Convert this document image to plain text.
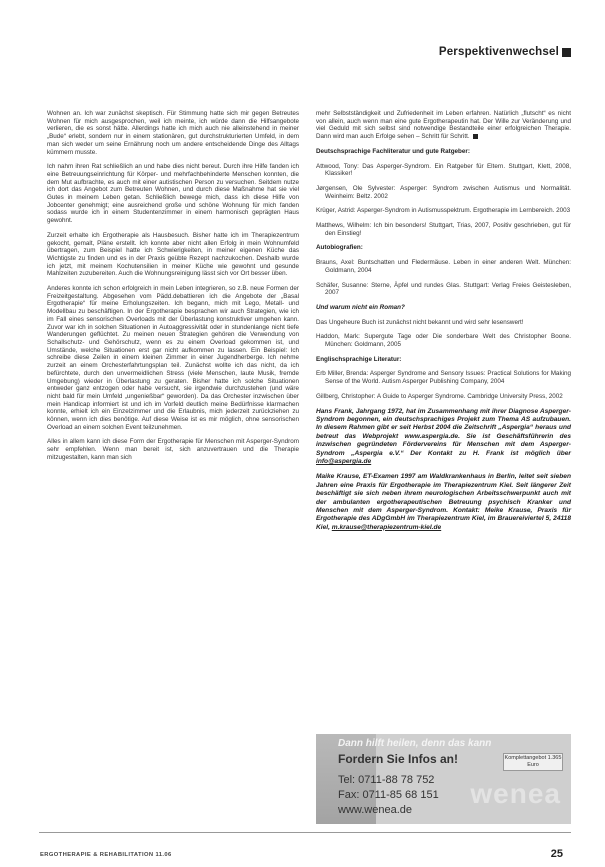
Perspektivenwechsel

Wohnen an. Ich war zunächst skeptisch. Für Stimmung hatte sich mir gegen Betreutes Wohnen für mich ausgesprochen, weil ich meinte, ich würde dann die Hilfsangebote verlieren, die es sonst hätte. Allerdings hatte ich mich auch nie alleinstehend in meiner „Bude“ erlebt, sondern nur in einem stationären, gut durchstrukturierten Umfeld, in dem man sich weder um seine Ernährung noch um andere entscheidende Dinge des Alltags kümmern musste.

Ich nahm ihren Rat schließlich an und habe dies nicht bereut. Durch ihre Hilfe fanden ich eine Betreuungseinrichtung für Körper- und mehrfachbehinderte Menschen konnten, die dem Mut aufbrachte, es auch mit einer autistischen Person zu versuchen. Seitdem nutze ich dort das Angebot zum Betreuten Wohnen, und durch diese Maßnahme hat sie viel Gutes in meinem Leben getan. Schließlich bewege mich, dass ich diese Hilfe von Jobcenter genehmigt; eine ausreichend große und schöne Wohnung für mich fanden sodass wurde ich in einem Studentenzimmer in einem harmonisch geprägten Haus gewohnt.

Zurzeit erhalte ich Ergotherapie als Hausbesuch. Bisher hatte ich im Therapiezentrum gekocht, gemalt, Pläne erstellt. Ich konnte aber nicht allen Erfolg in mein Wohnumfeld übertragen, zum Beispiel hatte ich Schwierigkeiten, in meiner eigenen Küche das Wichtigste zu finden und es in der Praxis geübte Rezept nachzukochen. Deshalb wurde ich jetzt, mit meinem Kochutensilien in meiner Küche wie gewohnt und gesunde Mahlzeiten zuzubereiten. Auch die Wohnungsreinigung lässt sich vor Ort besser üben.

Anderes konnte ich schon erfolgreich in mein Leben integrieren, so z.B. neue Formen der Freizeitgestaltung. Abgesehen vom Pädd.debattieren ich die Angebote der „Basal Ergotherapie“ für meine Erholungszeiten. Ich begann, mich mit Lego, Metall- und Modellbau zu beschäftigen. In der Ergotherapie besprachen wir auch Strategien, wie ich im Fall eines sensorischen Overloads mit der Überlastung konstruktiver umgehen kann. Zuvor war ich in solchen Situationen in Autoaggressivität oder in stundenlange nicht tiefe Wanderungen geflüchtet. Zu meinen neuen Strategien gehören die Verwendung von Schallschutz- und Gehörschutz, wenn es zu einem Overload gekommen ist, und Umstände, welche Situationen erst gar nicht aufkommen zu lassen. Ein Beispiel: Ich schreibe diese Zeilen in einem kleinen Zimmer in einer Jugendherberge. Ich nehme zurzeit an einem Orchesterfahrtungsplan teil. Zunächst wollte ich das nicht, da ich befürchtete, durch den unvermeidlichen Stress (viele Menschen, laute Musik, fremde Umgebung) wieder in Überlastung zu geraten. Bisher hatte ich solche Situationen entweder ganz entzogen oder habe versucht, sie irgendwie durchzustehen (und wäre nicht bald für mein Umfeld „ungenießbar“ geworden). Da das Orchester inzwischen über mein Handicap informiert ist und ich im Vorfeld deutlich meine Bedürfnisse klarmachen konnte, erhielt ich ein Einzelzimmer und die Erlaubnis, mich jederzeit zurückziehen zu können, wenn ich dies benötige. Auf diese Weise ist es mir möglich, ohne sensorischen Overload an einem solchen Event teilzunehmen.

Alles in allem kann ich diese Form der Ergotherapie für Menschen mit Asperger-Syndrom sehr empfehlen. Wenn man bereit ist, sich anzuvertrauen und die Therapie mitzugestalten, kann man sich

mehr Selbstständigkeit und Zufriedenheit im Leben erfahren. Natürlich „flutscht“ es nicht von allein, auch wenn man eine gute Ergotherapeutin hat. Der Wille zur Veränderung und viel Geduld mit sich selbst sind notwendige Bestandteile einer erfolgreichen Therapie. Dann wird man auch Erfolge sehen – Schritt für Schritt.

Deutschsprachige Fachliteratur und gute Ratgeber:

Attwood, Tony: Das Asperger-Syndrom. Ein Ratgeber für Eltern. Stuttgart, Klett, 2008, Klassiker!

Jørgensen, Ole Sylvester: Asperger: Syndrom zwischen Autismus und Normalität. Weinheim: Beltz. 2002

Krüger, Astrid: Asperger-Syndrom in Autismusspektrum. Ergotherapie im Lernbereich. 2003

Matthews, Wilhelm: Ich bin besonders! Stuttgart, Trias, 2007, Positiv geschrieben, gut für den Einstieg!

Autobiografien:

Brauns, Axel: Buntschatten und Fledermäuse. Leben in einer anderen Welt. München: Goldmann, 2004

Schäfer, Susanne: Sterne, Äpfel und rundes Glas. Stuttgart: Verlag Freies Geistesleben, 2007

Und warum nicht ein Roman?

Das Ungeheure Buch ist zunächst nicht bekannt und wird sehr lesenswert!

Haddon, Mark: Supergute Tage oder Die sonderbare Welt des Christopher Boone. München: Goldmann, 2005

Englischsprachige Literatur:

Erb Miller, Brenda: Asperger Syndrome and Sensory Issues: Practical Solutions for Making Sense of the World. Autism Asperger Publishing Company, 2004

Gillberg, Christopher: A Guide to Asperger Syndrome. Cambridge University Press, 2002

Hans Frank, Jahrgang 1972, hat im Zusammenhang mit ihrer Diagnose Asperger-Syndrom begonnen, ein deutschsprachiges Projekt zum Thema AS aufzubauen. In diesem Rahmen gibt er seit Herbst 2004 die Zeitschrift „Aspergia“ heraus und betreut das Webprojekt www.aspergia.de. Sie ist Geschäftsführerin des inzwischen gegründeten Fördervereins für Menschen mit dem Asperger-Syndrom „Aspergia e.V.“ Der Kontakt zu H. Frank ist möglich über info@aspergia.de

Maike Krause, ET-Examen 1997 am Waldkrankenhaus in Berlin, leitet seit sieben Jahren eine Praxis für Ergotherapie im Therapiezentrum Kiel. Seit längerer Zeit beschäftigt sie sich neben ihrem neurologischen Arbeitsschwerpunkt auch mit der ambulanten ergotherapeutischen Betreuung psychisch Kranker und Menschen mit dem Asperger-Syndrom. Kontakt: Meike Krause, Praxis für Ergotherapie des ADgGmbH im Therapiezentrum Kiel, im Brauereiviertel 5, 24118 Kiel, m.krause@therapiezentrum-kiel.de

wenea
Dann hilft heilen, denn das kann
Fordern Sie Infos an!	Komplettangebot 1.365 Euro
Tel: 0711-88 78 752
Fax: 0711-85 68 151
www.wenea.de
ERGOTHERAPIE & REHABILITATION 11.06	25
